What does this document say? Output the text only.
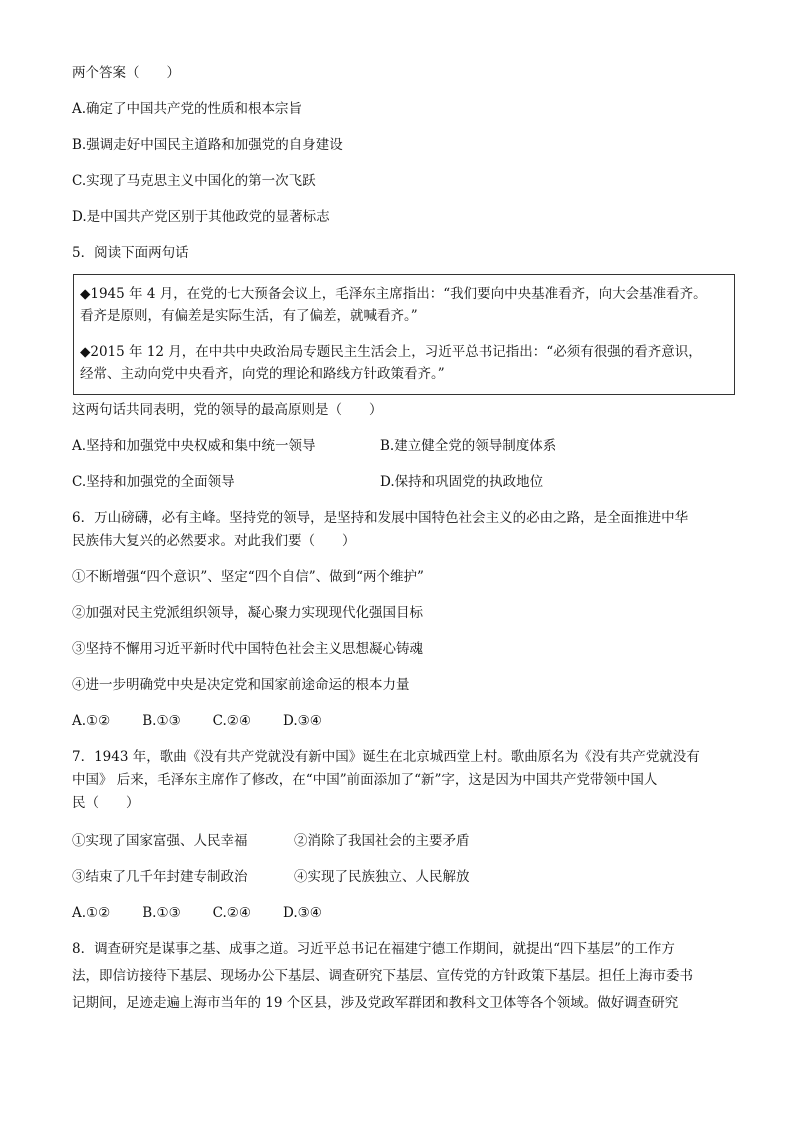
两个答案（　　）
A.确定了中国共产党的性质和根本宗旨
B.强调走好中国民主道路和加强党的自身建设
C.实现了马克思主义中国化的第一次飞跃
D.是中国共产党区别于其他政党的显著标志
5．阅读下面两句话
◆1945 年 4 月，在党的七大预备会议上，毛泽东主席指出：“我们要向中央基准看齐，向大会基准看齐。
看齐是原则，有偏差是实际生活，有了偏差，就喊看齐。”
◆2015 年 12 月，在中共中央政治局专题民主生活会上，习近平总书记指出：“必须有很强的看齐意识，
经常、主动向党中央看齐，向党的理论和路线方针政策看齐。”
这两句话共同表明，党的领导的最高原则是（　　）
A.坚持和加强党中央权威和集中统一领导	B.建立健全党的领导制度体系
C.坚持和加强党的全面领导	D.保持和巩固党的执政地位
6．万山磅礴，必有主峰。坚持党的领导，是坚持和发展中国特色社会主义的必由之路，是全面推进中华
民族伟大复兴的必然要求。对此我们要（　　）
①不断增强“四个意识”、坚定“四个自信”、做到“两个维护”
②加强对民主党派组织领导，凝心聚力实现现代化强国目标
③坚持不懈用习近平新时代中国特色社会主义思想凝心铸魂
④进一步明确党中央是决定党和国家前途命运的根本力量
A.①② B.①③ C.②④ D.③④
7．1943 年，歌曲《没有共产党就没有新中国》诞生在北京城西堂上村。歌曲原名为《没有共产党就没有
中国》 后来，毛泽东主席作了修改，在“中国”前面添加了“新”字，这是因为中国共产党带领中国人
民（　　）
①实现了国家富强、人民幸福	②消除了我国社会的主要矛盾
③结束了几千年封建专制政治	④实现了民族独立、人民解放
A.①② B.①③ C.②④ D.③④
8．调查研究是谋事之基、成事之道。习近平总书记在福建宁德工作期间，就提出“四下基层”的工作方
法，即信访接待下基层、现场办公下基层、调查研究下基层、宣传党的方针政策下基层。担任上海市委书
记期间，足迹走遍上海市当年的 19 个区县，涉及党政军群团和教科文卫体等各个领域。做好调查研究
